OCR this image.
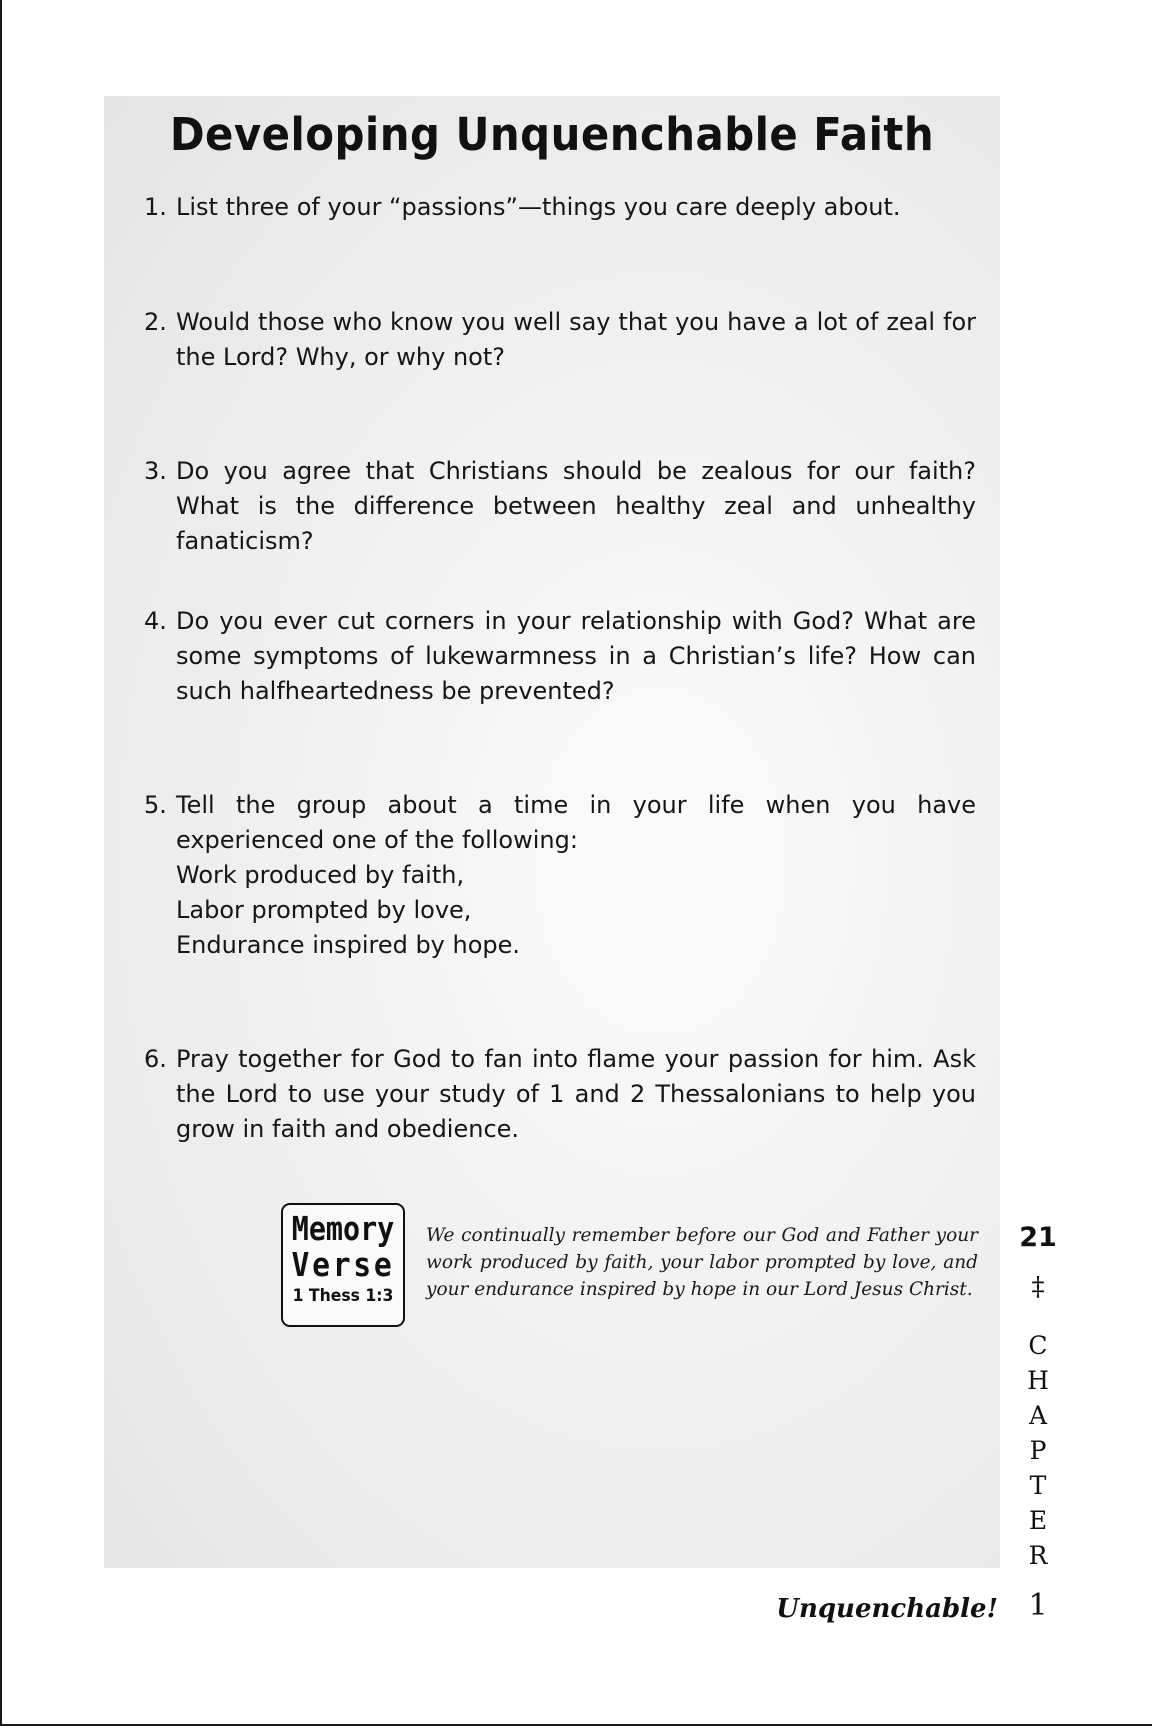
Developing Unquenchable Faith
1. List three of your “passions”—things you care deeply about.
2. Would those who know you well say that you have a lot of zeal for the Lord? Why, or why not?
3. Do you agree that Christians should be zealous for our faith? What is the difference between healthy zeal and unhealthy fanaticism?
4. Do you ever cut corners in your relationship with God? What are some symptoms of lukewarmness in a Christian’s life? How can such halfheartedness be prevented?
5. Tell the group about a time in your life when you have experienced one of the following:
Work produced by faith,
Labor prompted by love,
Endurance inspired by hope.
6. Pray together for God to fan into flame your passion for him. Ask the Lord to use your study of 1 and 2 Thessalonians to help you grow in faith and obedience.
Memory
Verse
1 Thess 1:3
We continually remember before our God and Father your work produced by faith, your labor prompted by love, and your endurance inspired by hope in our Lord Jesus Christ.
21
‡
C
H
A
P
T
E
R
1
Unquenchable!
